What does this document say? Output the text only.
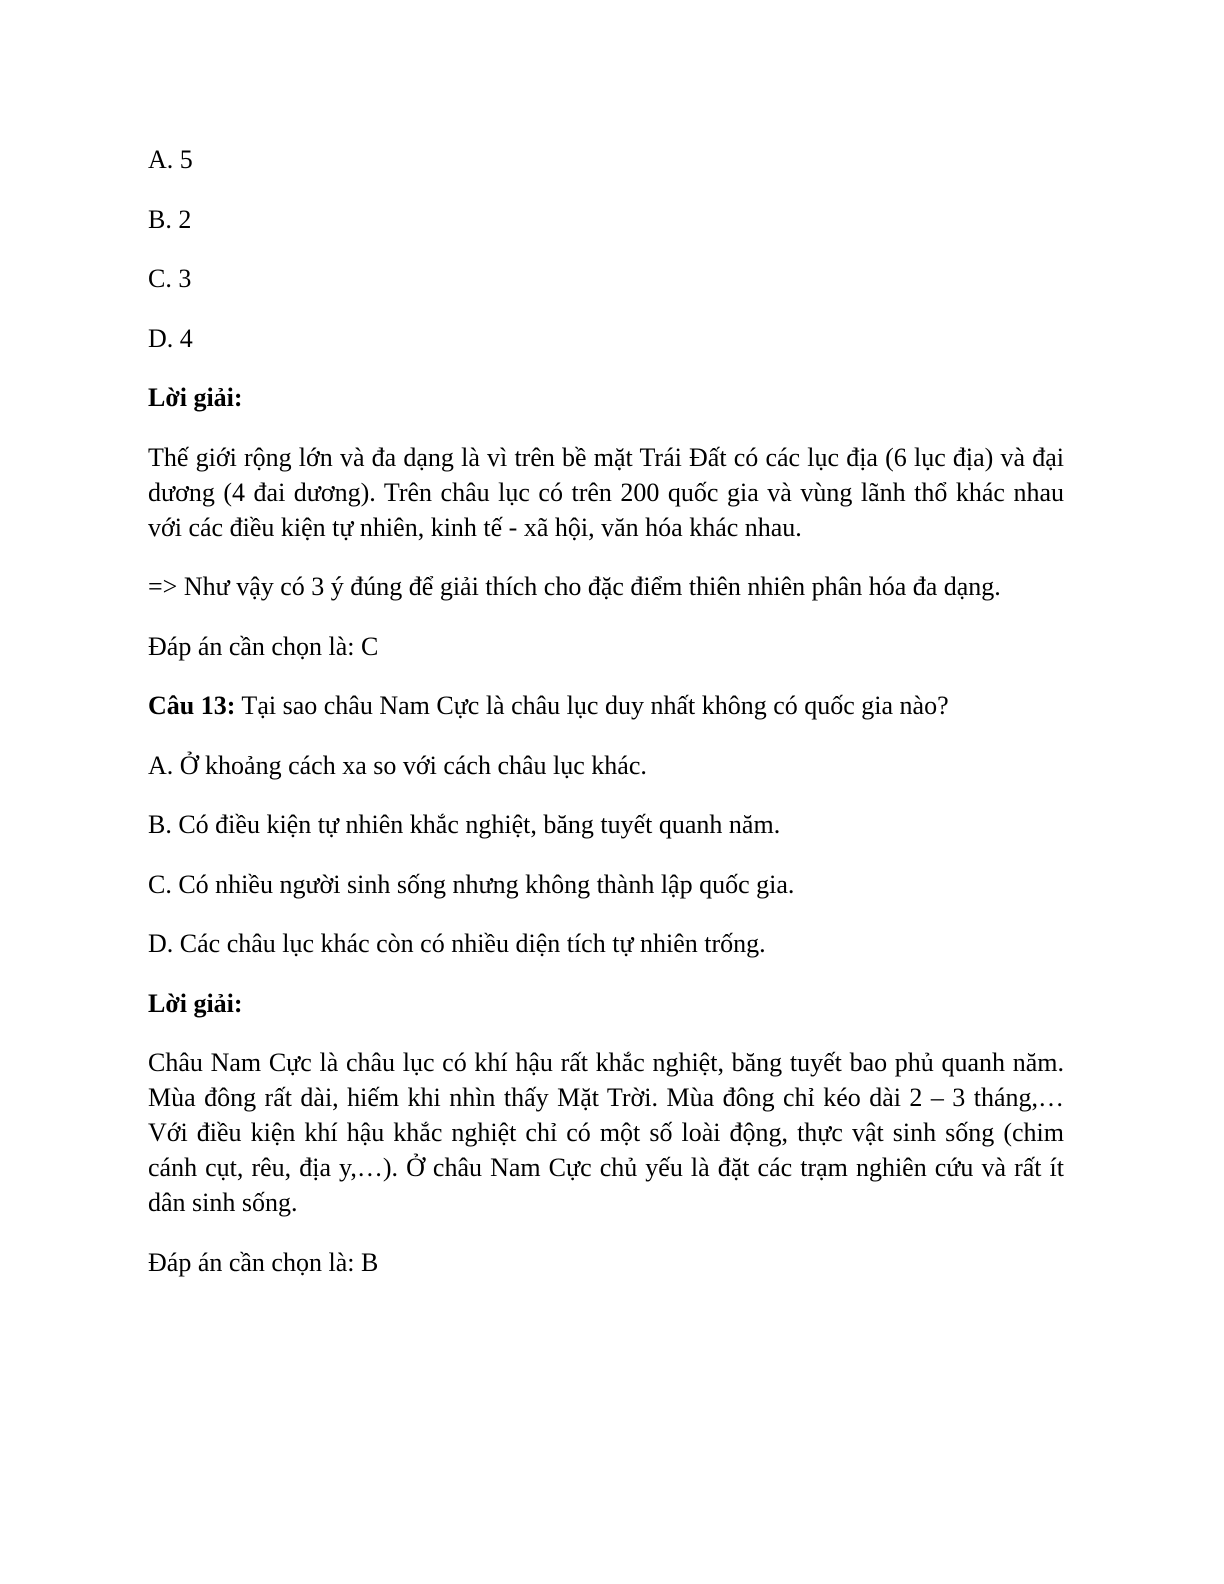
A. 5
B. 2
C. 3
D. 4
Lời giải:
Thế giới rộng lớn và đa dạng là vì trên bề mặt Trái Đất có các lục địa (6 lục địa) và đại dương (4 đai dương). Trên châu lục có trên 200 quốc gia và vùng lãnh thổ khác nhau với các điều kiện tự nhiên, kinh tế - xã hội, văn hóa khác nhau.
=> Như vậy có 3 ý đúng để giải thích cho đặc điểm thiên nhiên phân hóa đa dạng.
Đáp án cần chọn là: C
Câu 13: Tại sao châu Nam Cực là châu lục duy nhất không có quốc gia nào?
A. Ở khoảng cách xa so với cách châu lục khác.
B. Có điều kiện tự nhiên khắc nghiệt, băng tuyết quanh năm.
C. Có nhiều người sinh sống nhưng không thành lập quốc gia.
D. Các châu lục khác còn có nhiều diện tích tự nhiên trống.
Lời giải:
Châu Nam Cực là châu lục có khí hậu rất khắc nghiệt, băng tuyết bao phủ quanh năm. Mùa đông rất dài, hiếm khi nhìn thấy Mặt Trời. Mùa đông chỉ kéo dài 2 – 3 tháng,… Với điều kiện khí hậu khắc nghiệt chỉ có một số loài động, thực vật sinh sống (chim cánh cụt, rêu, địa y,…). Ở châu Nam Cực chủ yếu là đặt các trạm nghiên cứu và rất ít dân sinh sống.
Đáp án cần chọn là: B
